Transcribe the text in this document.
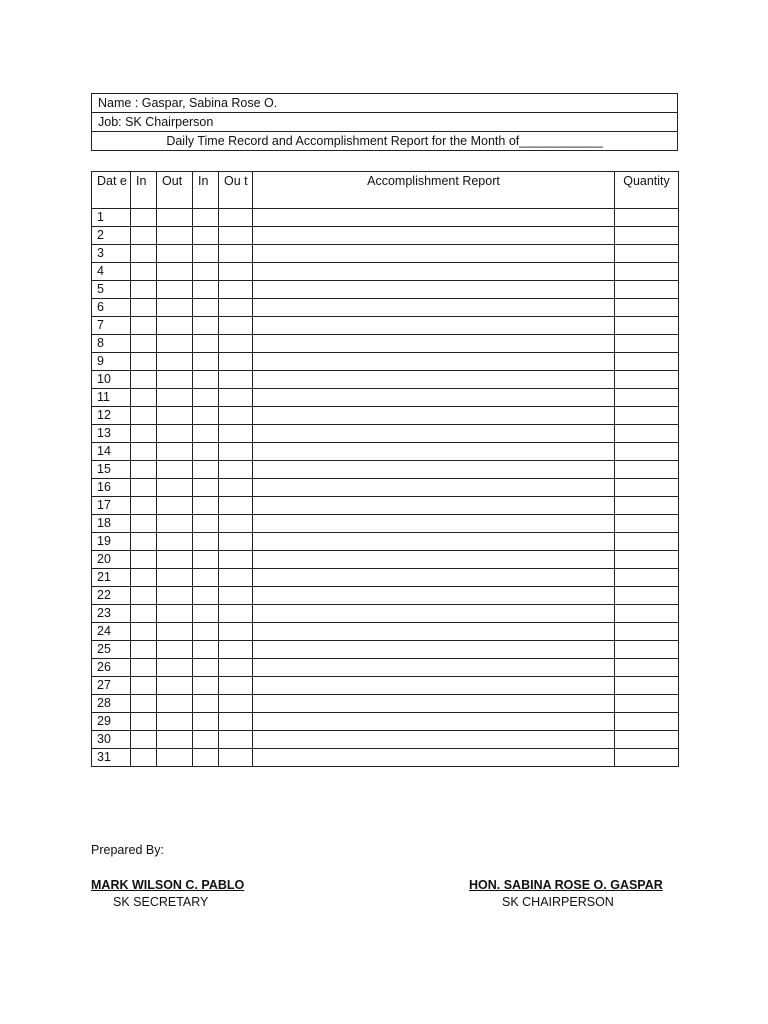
Name : Gaspar, Sabina Rose O.
Job: SK Chairperson
Daily Time Record and Accomplishment Report for the Month of____________
Dat e	In	Out	In	Ou t	Accomplishment Report	Quantity
1						
2						
3						
4						
5						
6						
7						
8						
9						
10						
11						
12						
13						
14						
15						
16						
17						
18						
19						
20						
21						
22						
23						
24						
25						
26						
27						
28						
29						
30						
31						
Prepared By:
MARK WILSON C. PABLO
SK SECRETARY
HON. SABINA ROSE O. GASPAR
SK CHAIRPERSON
